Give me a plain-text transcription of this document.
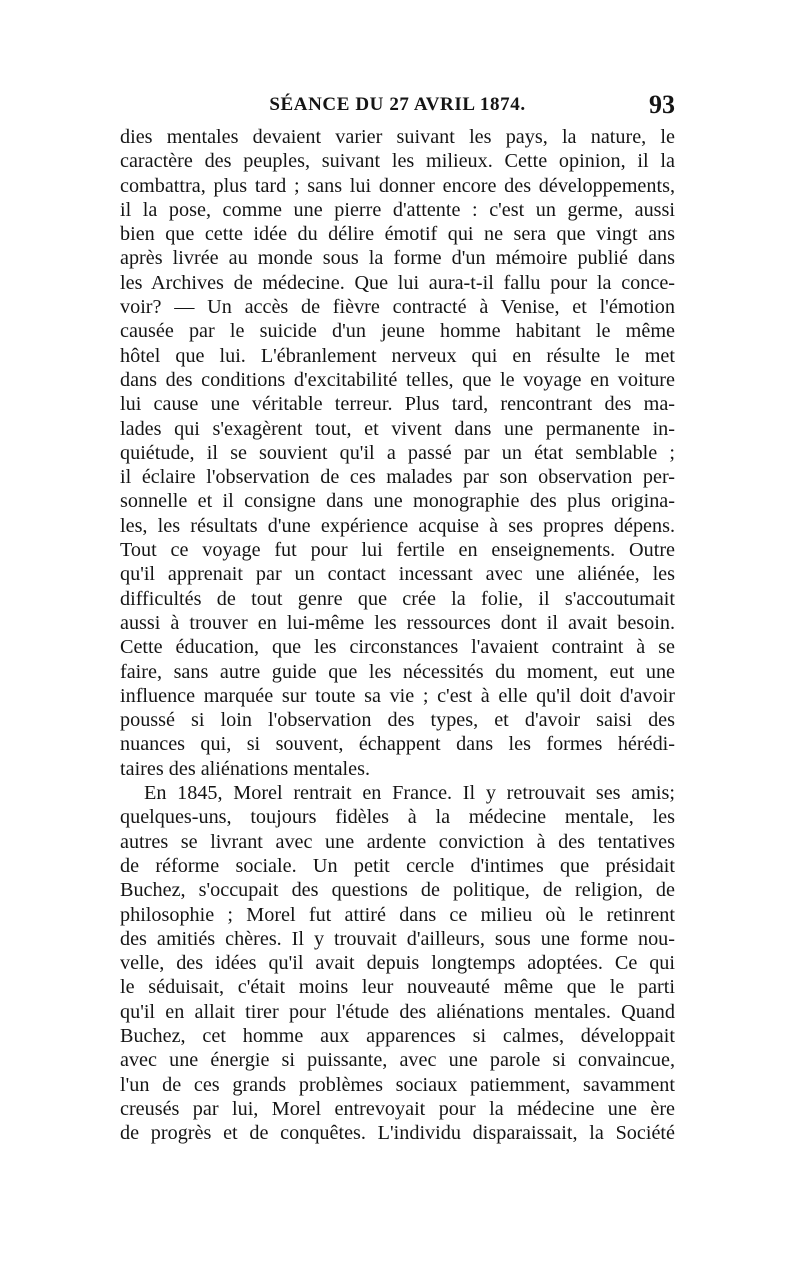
SÉANCE DU 27 AVRIL 1874.	93
dies mentales devaient varier suivant les pays, la nature, le
caractère des peuples, suivant les milieux. Cette opinion, il la
combattra, plus tard ; sans lui donner encore des développements,
il la pose, comme une pierre d'attente : c'est un germe, aussi
bien que cette idée du délire émotif qui ne sera que vingt ans
après livrée au monde sous la forme d'un mémoire publié dans
les Archives de médecine. Que lui aura-t-il fallu pour la conce-
voir? — Un accès de fièvre contracté à Venise, et l'émotion
causée par le suicide d'un jeune homme habitant le même
hôtel que lui. L'ébranlement nerveux qui en résulte le met
dans des conditions d'excitabilité telles, que le voyage en voiture
lui cause une véritable terreur. Plus tard, rencontrant des ma-
lades qui s'exagèrent tout, et vivent dans une permanente in-
quiétude, il se souvient qu'il a passé par un état semblable ;
il éclaire l'observation de ces malades par son observation per-
sonnelle et il consigne dans une monographie des plus origina-
les, les résultats d'une expérience acquise à ses propres dépens.
Tout ce voyage fut pour lui fertile en enseignements. Outre
qu'il apprenait par un contact incessant avec une aliénée, les
difficultés de tout genre que crée la folie, il s'accoutumait
aussi à trouver en lui-même les ressources dont il avait besoin.
Cette éducation, que les circonstances l'avaient contraint à se
faire, sans autre guide que les nécessités du moment, eut une
influence marquée sur toute sa vie ; c'est à elle qu'il doit d'avoir
poussé si loin l'observation des types, et d'avoir saisi des
nuances qui, si souvent, échappent dans les formes hérédi-
taires des aliénations mentales.
En 1845, Morel rentrait en France. Il y retrouvait ses amis;
quelques-uns, toujours fidèles à la médecine mentale, les
autres se livrant avec une ardente conviction à des tentatives
de réforme sociale. Un petit cercle d'intimes que présidait
Buchez, s'occupait des questions de politique, de religion, de
philosophie ; Morel fut attiré dans ce milieu où le retinrent
des amitiés chères. Il y trouvait d'ailleurs, sous une forme nou-
velle, des idées qu'il avait depuis longtemps adoptées. Ce qui
le séduisait, c'était moins leur nouveauté même que le parti
qu'il en allait tirer pour l'étude des aliénations mentales. Quand
Buchez, cet homme aux apparences si calmes, développait
avec une énergie si puissante, avec une parole si convaincue,
l'un de ces grands problèmes sociaux patiemment, savamment
creusés par lui, Morel entrevoyait pour la médecine une ère
de progrès et de conquêtes. L'individu disparaissait, la Société
